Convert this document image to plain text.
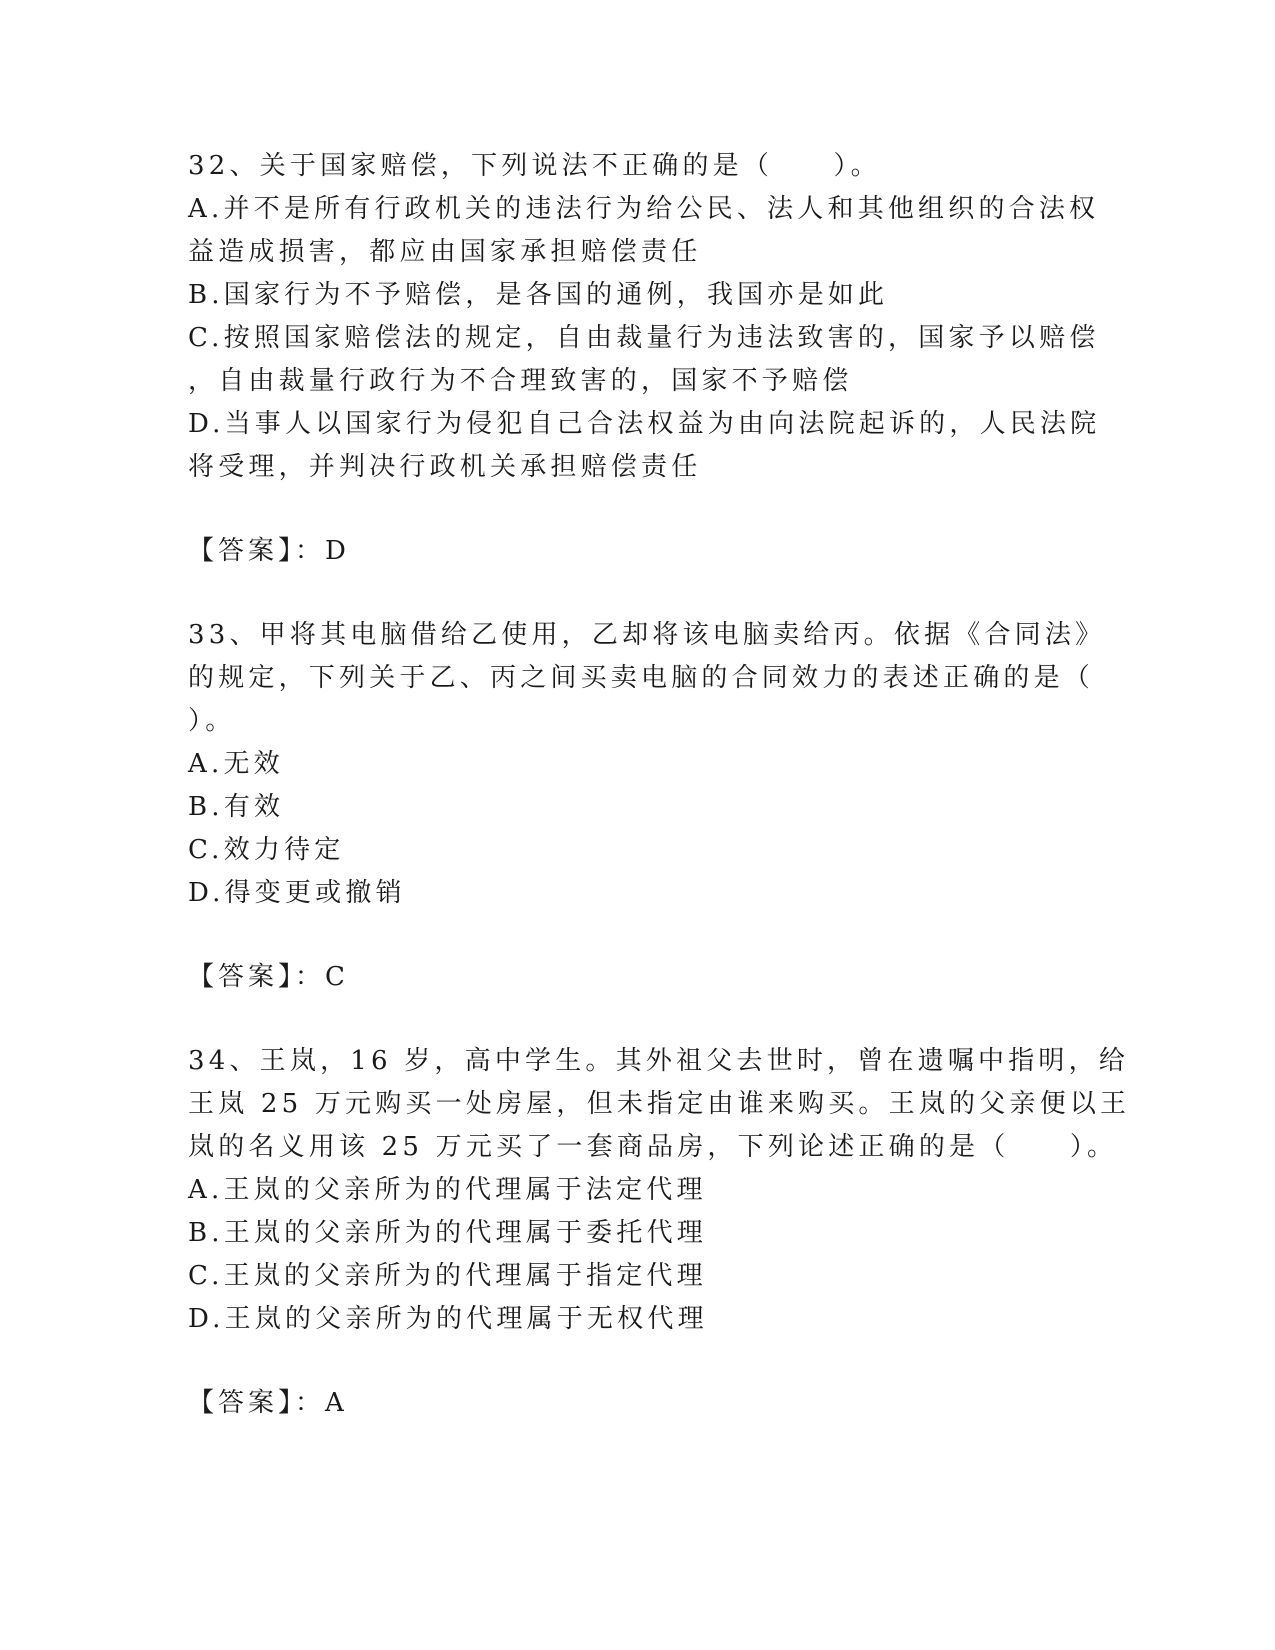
32、关于国家赔偿，下列说法不正确的是（　　）。
A.并不是所有行政机关的违法行为给公民、法人和其他组织的合法权
益造成损害，都应由国家承担赔偿责任
B.国家行为不予赔偿，是各国的通例，我国亦是如此
C.按照国家赔偿法的规定，自由裁量行为违法致害的，国家予以赔偿
，自由裁量行政行为不合理致害的，国家不予赔偿
D.当事人以国家行为侵犯自己合法权益为由向法院起诉的，人民法院
将受理，并判决行政机关承担赔偿责任
【答案】：D
33、甲将其电脑借给乙使用，乙却将该电脑卖给丙。依据《合同法》
的规定，下列关于乙、丙之间买卖电脑的合同效力的表述正确的是（
）。
A.无效
B.有效
C.效力待定
D.得变更或撤销
【答案】：C
34、王岚，16 岁，高中学生。其外祖父去世时，曾在遗嘱中指明，给
王岚 25 万元购买一处房屋，但未指定由谁来购买。王岚的父亲便以王
岚的名义用该 25 万元买了一套商品房，下列论述正确的是（　　）。
A.王岚的父亲所为的代理属于法定代理
B.王岚的父亲所为的代理属于委托代理
C.王岚的父亲所为的代理属于指定代理
D.王岚的父亲所为的代理属于无权代理
【答案】：A
